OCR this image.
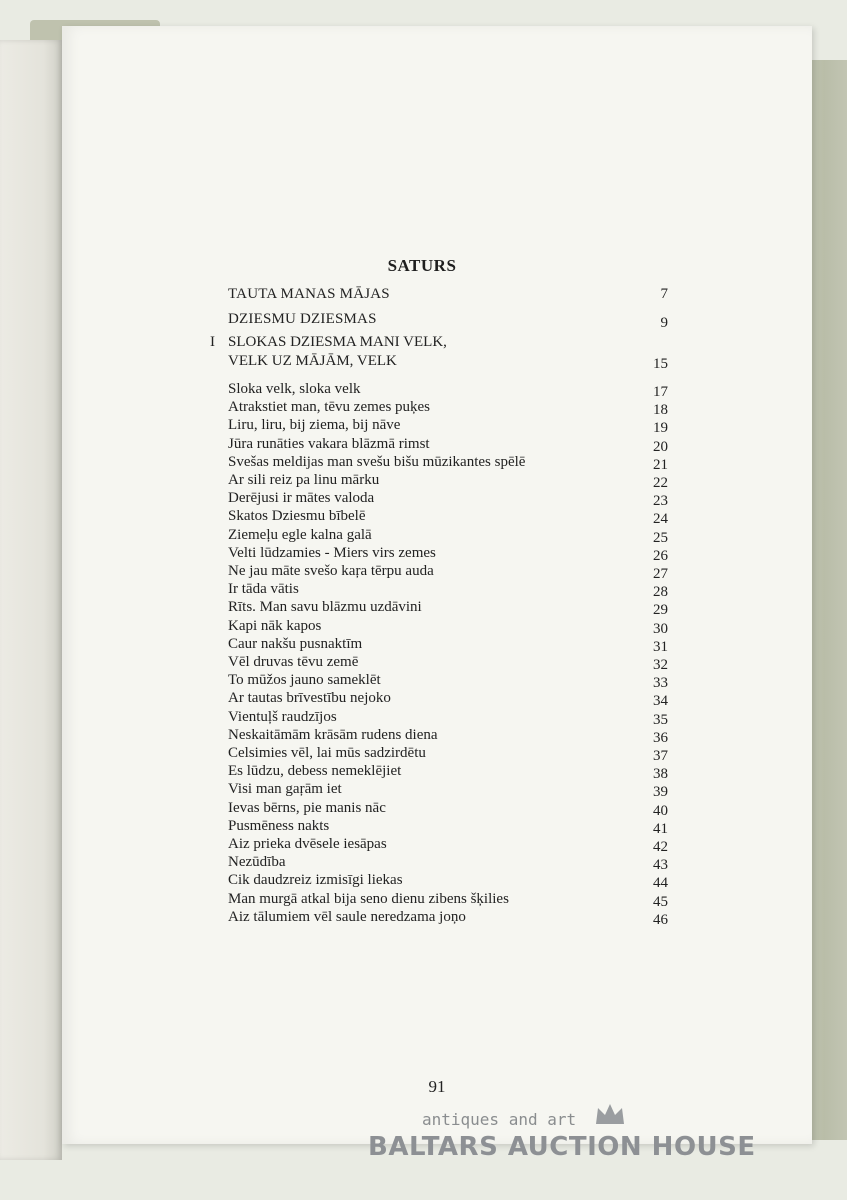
SATURS
TAUTA MANAS MĀJAS	7
DZIESMU DZIESMAS	9
I SLOKAS DZIESMA MANI VELK,
VELK UZ MĀJĀM, VELK	15
Sloka velk, sloka velk	17
Atrakstiet man, tēvu zemes puķes	18
Liru, liru, bij ziema, bij nāve	19
Jūra runāties vakara blāzmā rimst	20
Svešas meldijas man svešu bišu mūzikantes spēlē	21
Ar sili reiz pa linu mārku	22
Derējusi ir mātes valoda	23
Skatos Dziesmu bībelē	24
Ziemeļu egle kalna galā	25
Velti lūdzamies - Miers virs zemes	26
Ne jau māte svešo kaŗa tērpu auda	27
Ir tāda vātis	28
Rīts. Man savu blāzmu uzdāvini	29
Kapi nāk kapos	30
Caur nakšu pusnaktīm	31
Vēl druvas tēvu zemē	32
To mūžos jauno sameklēt	33
Ar tautas brīvestību nejoko	34
Vientuļš raudzījos	35
Neskaitāmām krāsām rudens diena	36
Celsimies vēl, lai mūs sadzirdētu	37
Es lūdzu, debess nemeklējiet	38
Visi man gaŗām iet	39
Ievas bērns, pie manis nāc	40
Pusmēness nakts	41
Aiz prieka dvēsele iesāpas	42
Nezūdība	43
Cik daudzreiz izmisīgi liekas	44
Man murgā atkal bija seno dienu zibens šķilies	45
Aiz tālumiem vēl saule neredzama joņo	46
91
antiques and art
BALTARS AUCTION HOUSE
